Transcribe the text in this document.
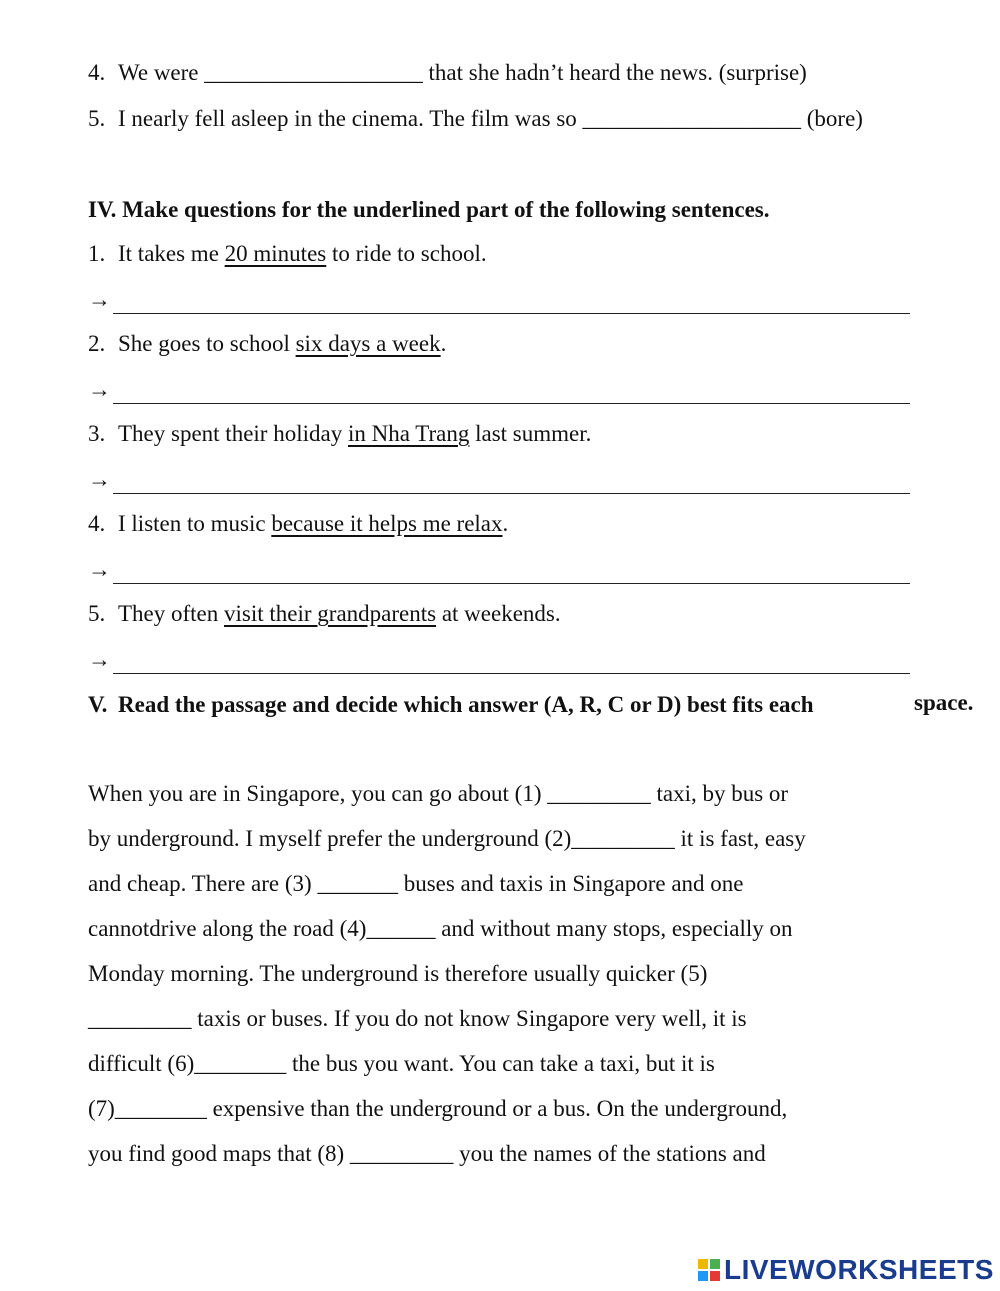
4. We were ___________________ that she hadn’t heard the news. (surprise)
5. I nearly fell asleep in the cinema. The film was so ___________________ (bore)
IV. Make questions for the underlined part of the following sentences.
1. It takes me 20 minutes to ride to school.
→
2. She goes to school six days a week.
→
3. They spent their holiday in Nha Trang last summer.
→
4. I listen to music because it helps me relax.
→
5. They often visit their grandparents at weekends.
→
V. Read the passage and decide which answer (A, R, C or D) best fits each	space.
When you are in Singapore, you can go about (1) _________ taxi, by bus or
by underground. I myself prefer the underground (2)_________ it is fast, easy
and cheap. There are (3) _______ buses and taxis in Singapore and one
cannotdrive along the road (4)______ and without many stops, especially on
Monday morning. The underground is therefore usually quicker (5)
_________ taxis or buses. If you do not know Singapore very well, it is
difficult (6)________ the bus you want. You can take a taxi, but it is
(7)________ expensive than the underground or a bus. On the underground,
you find good maps that (8) _________ you the names of the stations and
LIVEWORKSHEETS
